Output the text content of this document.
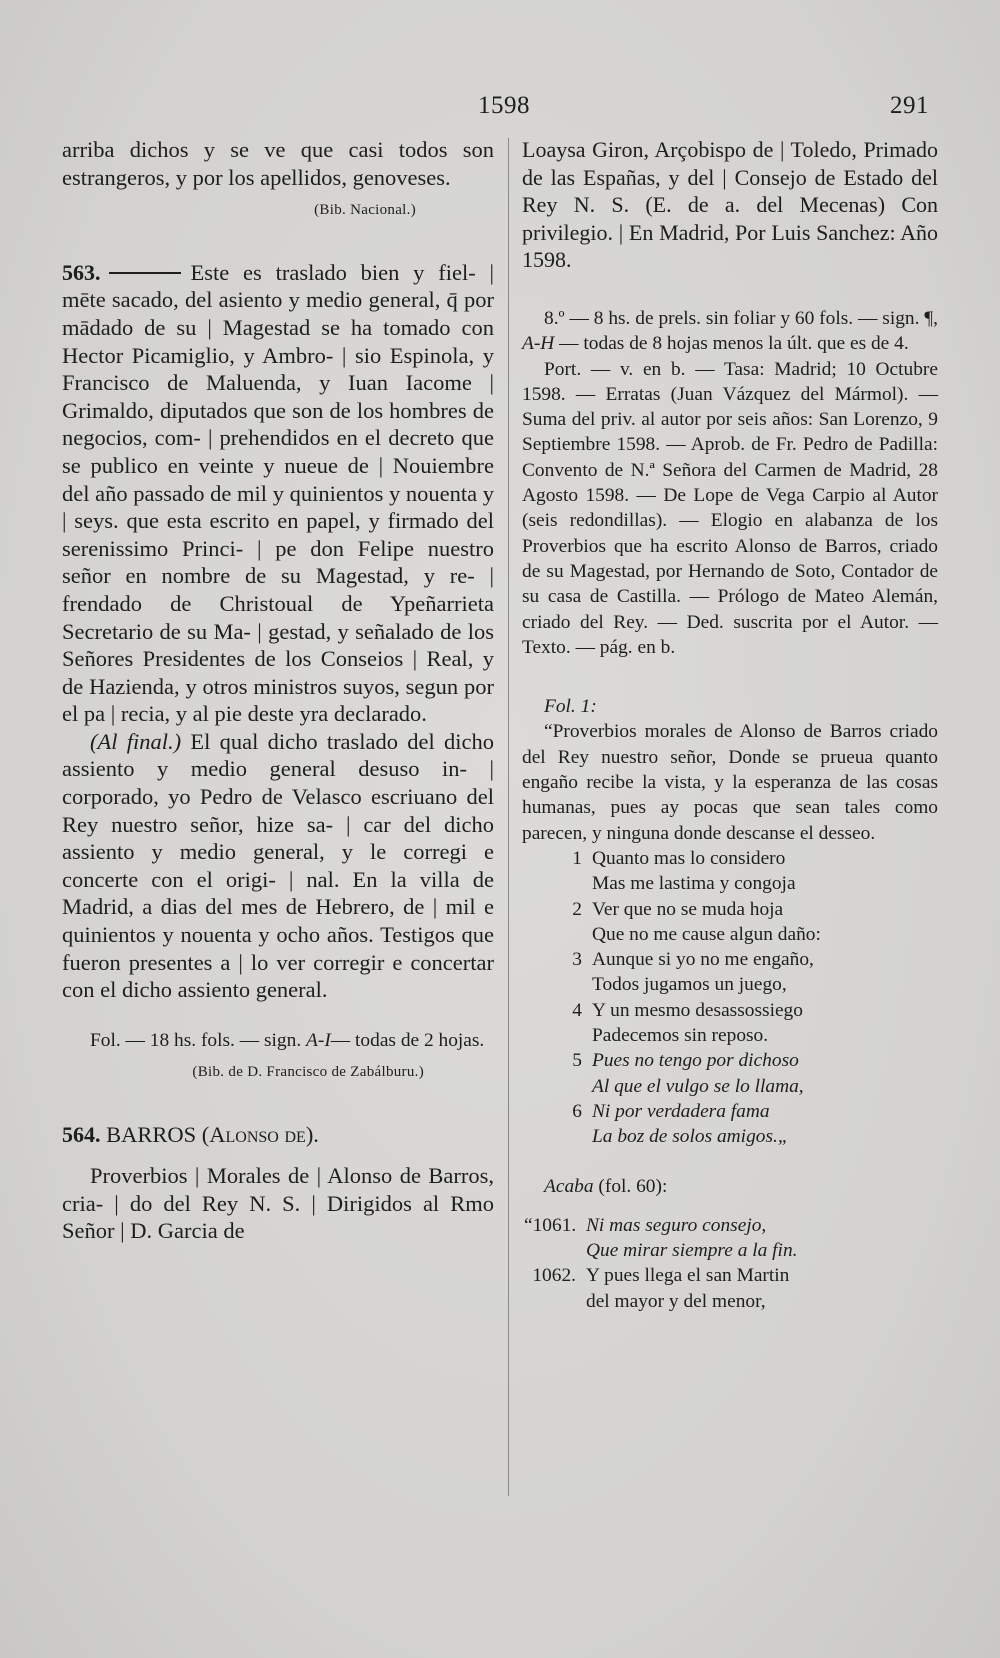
1598	291

arriba dichos y se ve que casi todos son estrangeros, y por los apellidos, genoveses.

(Bib. Nacional.)

563.	Este es traslado bien y fiel- | mēte sacado, del asiento y medio general, q̄ por mādado de su | Magestad se ha tomado con Hector Picamiglio, y Ambro- | sio Espinola, y Francisco de Maluenda, y Iuan Iacome | Grimaldo, diputados que son de los hombres de negocios, com- | prehendidos en el decreto que se publico en veinte y nueue de | Nouiembre del año passado de mil y quinientos y nouenta y | seys. que esta escrito en papel, y firmado del serenissimo Princi- | pe don Felipe nuestro señor en nombre de su Magestad, y re- | frendado de Christoual de Ypeñarrieta Secretario de su Ma- | gestad, y señalado de los Señores Presidentes de los Conseios | Real, y de Hazienda, y otros ministros suyos, segun por el pa | recia, y al pie deste yra declarado.

(Al final.) El qual dicho traslado del dicho assiento y medio general desuso in- | corporado, yo Pedro de Velasco escriuano del Rey nuestro señor, hize sa- | car del dicho assiento y medio general, y le corregi e concerte con el origi- | nal. En la villa de Madrid, a dias del mes de Hebrero, de | mil e quinientos y nouenta y ocho años. Testigos que fueron presentes a | lo ver corregir e concertar con el dicho assiento general.

Fol. — 18 hs. fols. — sign. A-I— todas de 2 hojas.

(Bib. de D. Francisco de Zabálburu.)

564. BARROS (Alonso de).

Proverbios | Morales de | Alonso de Barros, cria- | do del Rey N. S. | Dirigidos al Rmo Señor | D. Garcia de

Loaysa Giron, Arçobispo de | Toledo, Primado de las Españas, y del | Consejo de Estado del Rey N. S. (E. de a. del Mecenas) Con privilegio. | En Madrid, Por Luis Sanchez: Año 1598.

8.º — 8 hs. de prels. sin foliar y 60 fols. — sign. ¶, A-H — todas de 8 hojas menos la últ. que es de 4.

Port. — v. en b. — Tasa: Madrid; 10 Octubre 1598. — Erratas (Juan Vázquez del Mármol). — Suma del priv. al autor por seis años: San Lorenzo, 9 Septiembre 1598. — Aprob. de Fr. Pedro de Padilla: Convento de N.ª Señora del Carmen de Madrid, 28 Agosto 1598. — De Lope de Vega Carpio al Autor (seis redondillas). — Elogio en alabanza de los Proverbios que ha escrito Alonso de Barros, criado de su Magestad, por Hernando de Soto, Contador de su casa de Castilla. — Prólogo de Mateo Alemán, criado del Rey. — Ded. suscrita por el Autor. — Texto. — pág. en b.

Fol. 1:

“Proverbios morales de Alonso de Barros criado del Rey nuestro señor, Donde se prueua quanto engaño recibe la vista, y la esperanza de las cosas humanas, pues ay pocas que sean tales como parecen, y ninguna donde descanse el desseo.

1 Quanto mas lo considero
Mas me lastima y congoja
2 Ver que no se muda hoja
Que no me cause algun daño:
3 Aunque si yo no me engaño,
Todos jugamos un juego,
4 Y un mesmo desassossiego
Padecemos sin reposo.
5 Pues no tengo por dichoso
Al que el vulgo se lo llama,
6 Ni por verdadera fama
La boz de solos amigos.„

Acaba (fol. 60):

“1061. Ni mas seguro consejo,
Que mirar siempre a la fin.
1062. Y pues llega el san Martin
del mayor y del menor,
